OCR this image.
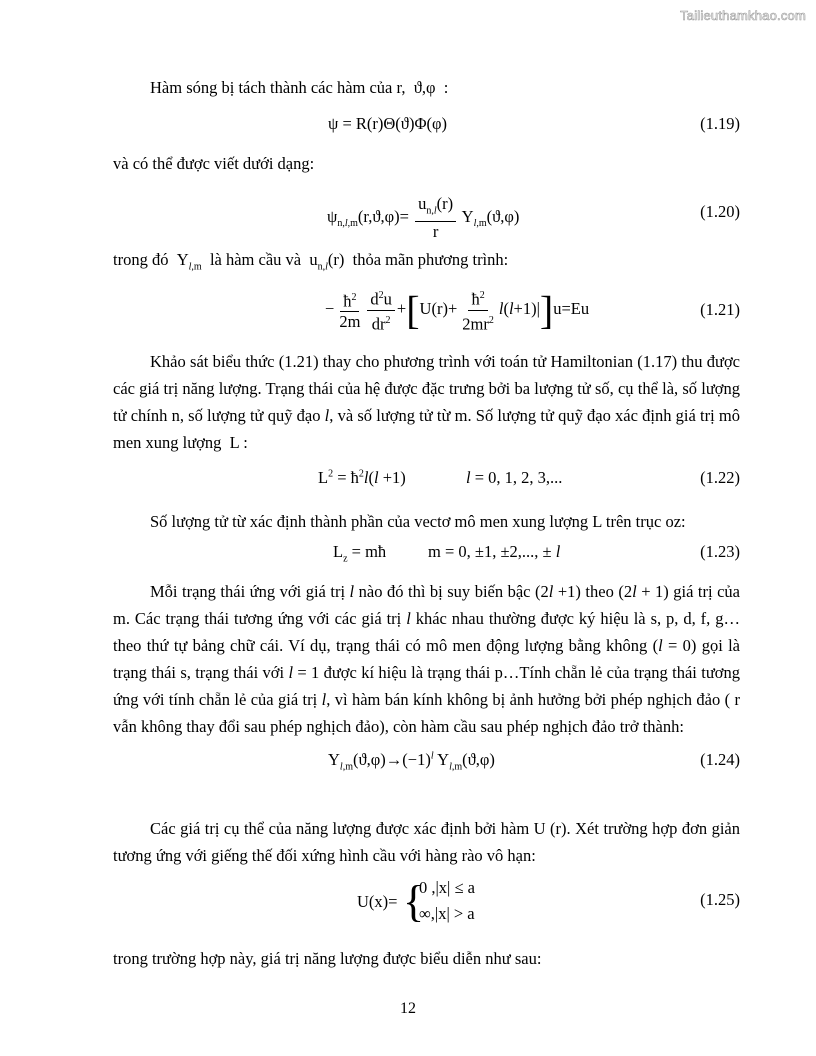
Tailieuthamkhao.com
Hàm sóng bị tách thành các hàm của r,  ϑ,φ  :
ψ = R(r)Θ(ϑ)Φ(φ)	(1.19)
và có thể được viết dưới dạng:
$\psi_{n,l,m}(r,ϑ,\varphi)= \frac{u_{n,l}(r)}{r} Y_{l,m}(ϑ,\varphi)$	(1.20)
trong đó  $Y_{l,m}$  là hàm cầu và  $u_{n,l}(r)$  thỏa mãn phương trình:
− $\frac{ħ^2}{2m} \frac{d^2u}{dr^2} +[U(r)+ \frac{ħ^2}{2mr^2} l(l+1)|]u=Eu$	(1.21)
Khảo sát biểu thức (1.21) thay cho phương trình với toán tử Hamiltonian (1.17) thu được các giá trị năng lượng. Trạng thái của hệ được đặc trưng bởi ba lượng tử số, cụ thể là, số lượng tử chính n, số lượng tử quỹ đạo l, và số lượng tử từ m. Số lượng tử quỹ đạo xác định giá trị mô men xung lượng  L :
$L^2$ = $ħ^2l(l +1)$	l = 0, 1, 2, 3,...	(1.22)
Số lượng tử từ xác định thành phần của vectơ mô men xung lượng L trên trục oz:
$L_z$ = mħ	m = 0, ±1, ±2,..., ± l	(1.23)
Mỗi trạng thái ứng với giá trị l nào đó thì bị suy biến bậc (2l +1) theo (2l + 1) giá trị của m. Các trạng thái tương ứng với các giá trị l khác nhau thường được ký hiệu là s, p, d, f, g… theo thứ tự bảng chữ cái. Ví dụ, trạng thái có mô men động lượng bằng không (l = 0) gọi là trạng thái s, trạng thái với l = 1 được kí hiệu là trạng thái p…Tính chẵn lẻ của trạng thái tương ứng với tính chẵn lẻ của giá trị l, vì hàm bán kính không bị ảnh hưởng bởi phép nghịch đảo ( r vẫn không thay đổi sau phép nghịch đảo), còn hàm cầu sau phép nghịch đảo trở thành:
$Y_{l,m}(ϑ,\varphi)\to(-1)^l$ $Y_{l,m}(ϑ,\varphi)$	(1.24)
Các giá trị cụ thể của năng lượng được xác định bởi hàm U (r). Xét trường hợp đơn giản tương ứng với giếng thế đối xứng hình cầu với hàng rào vô hạn:
U(x)= {
0 ,|x| ≤ a
∞,|x| > a
(1.25)
trong trường hợp này, giá trị năng lượng được biểu diễn như sau:
12
